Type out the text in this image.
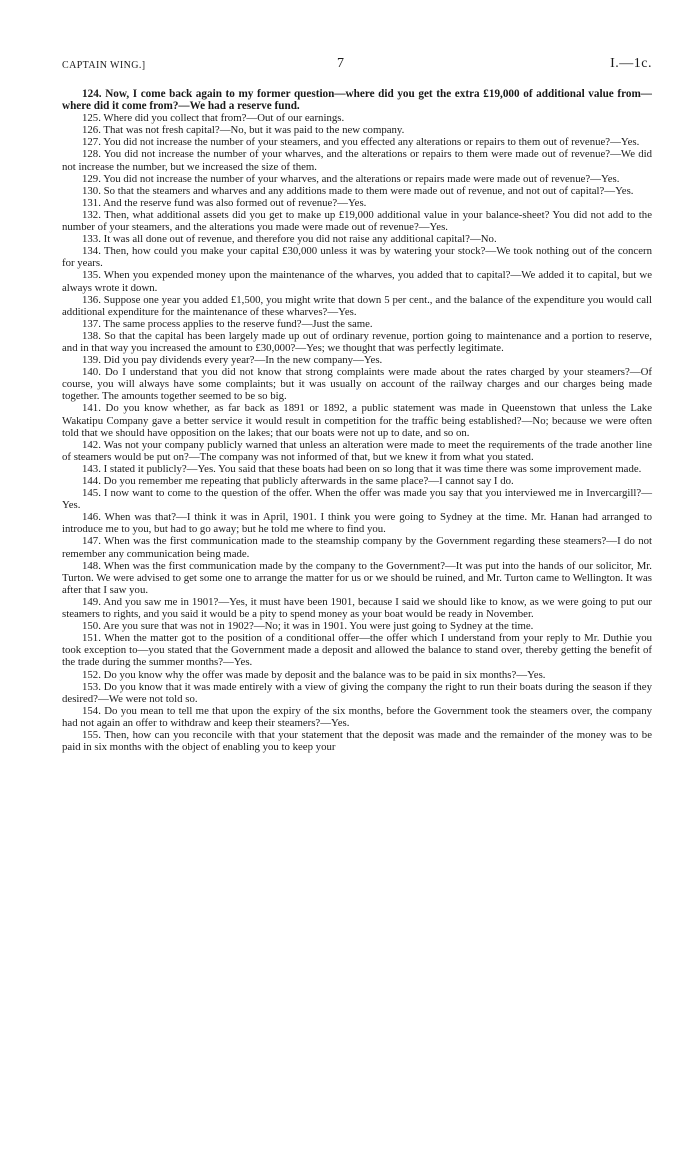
CAPTAIN WING.]	7	I.—1c.

124. Now, I come back again to my former question—where did you get the extra £19,000 of additional value from—where did it come from?—We had a reserve fund.

125. Where did you collect that from?—Out of our earnings.

126. That was not fresh capital?—No, but it was paid to the new company.

127. You did not increase the number of your steamers, and you effected any alterations or repairs to them out of revenue?—Yes.

128. You did not increase the number of your wharves, and the alterations or repairs to them were made out of revenue?—We did not increase the number, but we increased the size of them.

129. You did not increase the number of your wharves, and the alterations or repairs made were made out of revenue?—Yes.

130. So that the steamers and wharves and any additions made to them were made out of revenue, and not out of capital?—Yes.

131. And the reserve fund was also formed out of revenue?—Yes.

132. Then, what additional assets did you get to make up £19,000 additional value in your balance-sheet? You did not add to the number of your steamers, and the alterations you made were made out of revenue?—Yes.

133. It was all done out of revenue, and therefore you did not raise any additional capital?—No.

134. Then, how could you make your capital £30,000 unless it was by watering your stock?—We took nothing out of the concern for years.

135. When you expended money upon the maintenance of the wharves, you added that to capital?—We added it to capital, but we always wrote it down.

136. Suppose one year you added £1,500, you might write that down 5 per cent., and the balance of the expenditure you would call additional expenditure for the maintenance of these wharves?—Yes.

137. The same process applies to the reserve fund?—Just the same.

138. So that the capital has been largely made up out of ordinary revenue, portion going to maintenance and a portion to reserve, and in that way you increased the amount to £30,000?—Yes; we thought that was perfectly legitimate.

139. Did you pay dividends every year?—In the new company—Yes.

140. Do I understand that you did not know that strong complaints were made about the rates charged by your steamers?—Of course, you will always have some complaints; but it was usually on account of the railway charges and our charges being made together. The amounts together seemed to be so big.

141. Do you know whether, as far back as 1891 or 1892, a public statement was made in Queenstown that unless the Lake Wakatipu Company gave a better service it would result in competition for the traffic being established?—No; because we were often told that we should have opposition on the lakes; that our boats were not up to date, and so on.

142. Was not your company publicly warned that unless an alteration were made to meet the requirements of the trade another line of steamers would be put on?—The company was not informed of that, but we knew it from what you stated.

143. I stated it publicly?—Yes. You said that these boats had been on so long that it was time there was some improvement made.

144. Do you remember me repeating that publicly afterwards in the same place?—I cannot say I do.

145. I now want to come to the question of the offer. When the offer was made you say that you interviewed me in Invercargill?—Yes.

146. When was that?—I think it was in April, 1901. I think you were going to Sydney at the time. Mr. Hanan had arranged to introduce me to you, but had to go away; but he told me where to find you.

147. When was the first communication made to the steamship company by the Government regarding these steamers?—I do not remember any communication being made.

148. When was the first communication made by the company to the Government?—It was put into the hands of our solicitor, Mr. Turton. We were advised to get some one to arrange the matter for us or we should be ruined, and Mr. Turton came to Wellington. It was after that I saw you.

149. And you saw me in 1901?—Yes, it must have been 1901, because I said we should like to know, as we were going to put our steamers to rights, and you said it would be a pity to spend money as your boat would be ready in November.

150. Are you sure that was not in 1902?—No; it was in 1901. You were just going to Sydney at the time.

151. When the matter got to the position of a conditional offer—the offer which I understand from your reply to Mr. Duthie you took exception to—you stated that the Government made a deposit and allowed the balance to stand over, thereby getting the benefit of the trade during the summer months?—Yes.

152. Do you know why the offer was made by deposit and the balance was to be paid in six months?—Yes.

153. Do you know that it was made entirely with a view of giving the company the right to run their boats during the season if they desired?—We were not told so.

154. Do you mean to tell me that upon the expiry of the six months, before the Government took the steamers over, the company had not again an offer to withdraw and keep their steamers?—Yes.

155. Then, how can you reconcile with that your statement that the deposit was made and the remainder of the money was to be paid in six months with the object of enabling you to keep your
